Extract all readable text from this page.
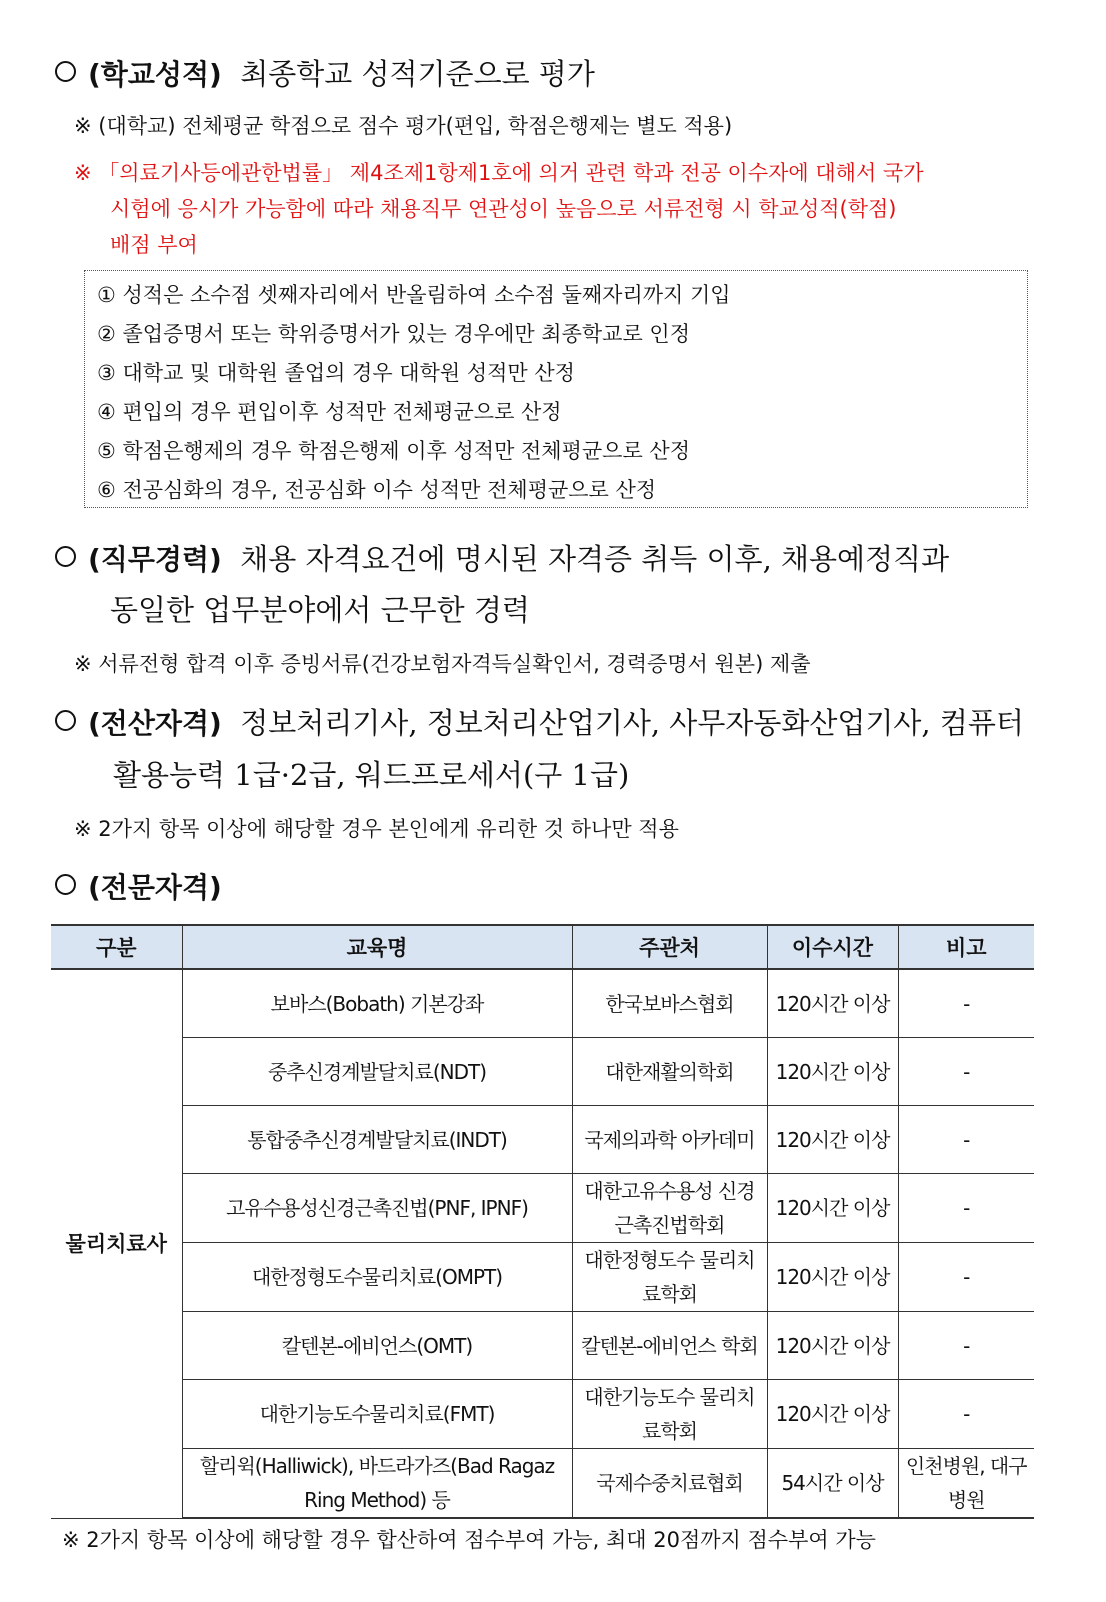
(학교성적) 최종학교 성적기준으로 평가
※ (대학교) 전체평균 학점으로 점수 평가(편입, 학점은행제는 별도 적용)
※ 「의료기사등에관한법률」 제4조제1항제1호에 의거 관련 학과 전공 이수자에 대해서 국가
시험에 응시가 가능함에 따라 채용직무 연관성이 높음으로 서류전형 시 학교성적(학점)
배점 부여
① 성적은 소수점 셋째자리에서 반올림하여 소수점 둘째자리까지 기입
② 졸업증명서 또는 학위증명서가 있는 경우에만 최종학교로 인정
③ 대학교 및 대학원 졸업의 경우 대학원 성적만 산정
④ 편입의 경우 편입이후 성적만 전체평균으로 산정
⑤ 학점은행제의 경우 학점은행제 이후 성적만 전체평균으로 산정
⑥ 전공심화의 경우, 전공심화 이수 성적만 전체평균으로 산정
(직무경력) 채용 자격요건에 명시된 자격증 취득 이후, 채용예정직과
동일한 업무분야에서 근무한 경력
※ 서류전형 합격 이후 증빙서류(건강보험자격득실확인서, 경력증명서 원본) 제출
(전산자격) 정보처리기사, 정보처리산업기사, 사무자동화산업기사, 컴퓨터
활용능력 1급·2급, 워드프로세서(구 1급)
※ 2가지 항목 이상에 해당할 경우 본인에게 유리한 것 하나만 적용
(전문자격)
구분	교육명	주관처	이수시간	비고
물리치료사	보바스(Bobath) 기본강좌	한국보바스협회	120시간 이상	-
	중추신경계발달치료(NDT)	대한재활의학회	120시간 이상	-
	통합중추신경계발달치료(INDT)	국제의과학 아카데미	120시간 이상	-
	고유수용성신경근촉진법(PNF, IPNF)	대한고유수용성 신경근촉진법학회	120시간 이상	-
	대한정형도수물리치료(OMPT)	대한정형도수 물리치료학회	120시간 이상	-
	칼텐본-에비언스(OMT)	칼텐본-에비언스 학회	120시간 이상	-
	대한기능도수물리치료(FMT)	대한기능도수 물리치료학회	120시간 이상	-
	할리윅(Halliwick), 바드라가즈(Bad Ragaz Ring Method) 등	국제수중치료협회	54시간 이상	인천병원, 대구병원
※ 2가지 항목 이상에 해당할 경우 합산하여 점수부여 가능, 최대 20점까지 점수부여 가능
